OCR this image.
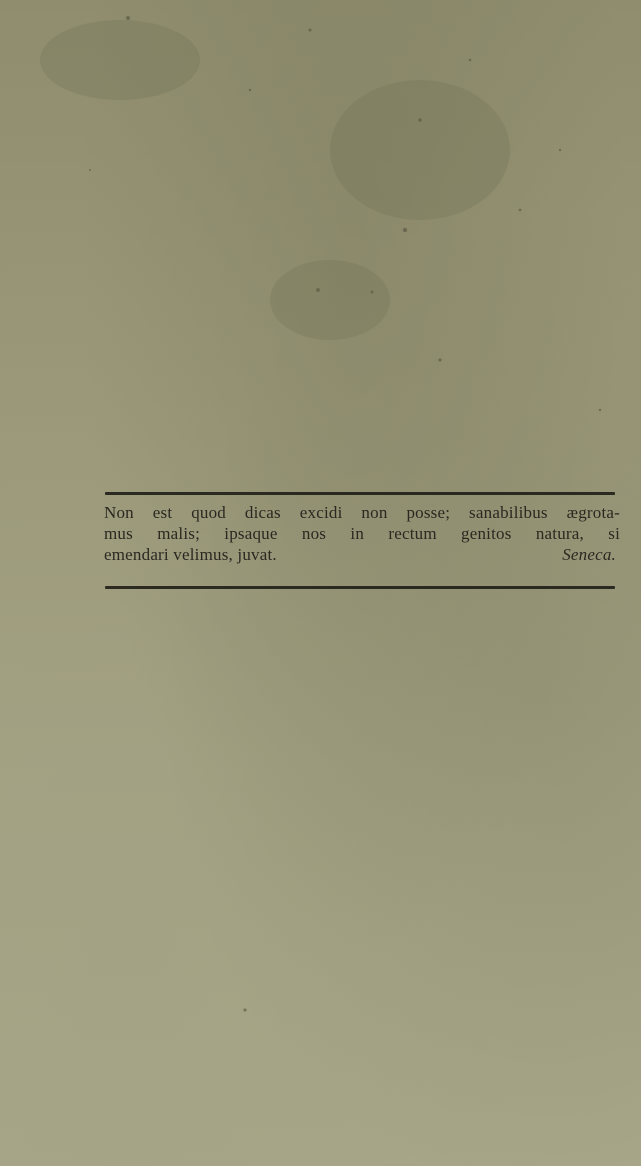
Non est quod dicas excidi non posse; sanabilibus ægrota-
mus malis; ipsaque nos in rectum genitos natura, si
emendari velimus, juvat.	Seneca.
